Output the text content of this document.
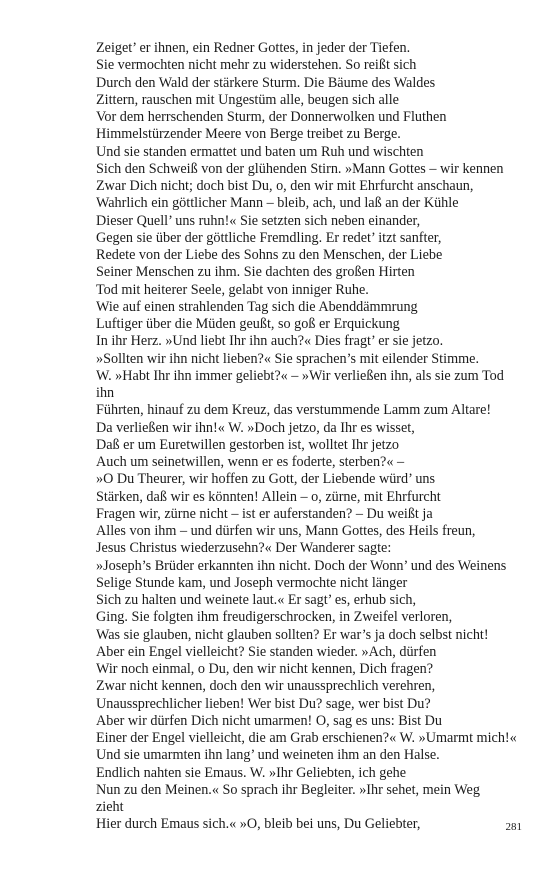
Zeiget’ er ihnen, ein Redner Gottes, in jeder der Tiefen.
Sie vermochten nicht mehr zu widerstehen. So reißt sich
Durch den Wald der stärkere Sturm. Die Bäume des Waldes
Zittern, rauschen mit Ungestüm alle, beugen sich alle
Vor dem herrschenden Sturm, der Donnerwolken und Fluthen
Himmelstürzender Meere von Berge treibet zu Berge.
Und sie standen ermattet und baten um Ruh und wischten
Sich den Schweiß von der glühenden Stirn. »Mann Gottes – wir kennen
Zwar Dich nicht; doch bist Du, o, den wir mit Ehrfurcht anschaun,
Wahrlich ein göttlicher Mann – bleib, ach, und laß an der Kühle
Dieser Quell’ uns ruhn!« Sie setzten sich neben einander,
Gegen sie über der göttliche Fremdling. Er redet’ itzt sanfter,
Redete von der Liebe des Sohns zu den Menschen, der Liebe
Seiner Menschen zu ihm. Sie dachten des großen Hirten
Tod mit heiterer Seele, gelabt von inniger Ruhe.
Wie auf einen strahlenden Tag sich die Abenddämmrung
Luftiger über die Müden geußt, so goß er Erquickung
In ihr Herz. »Und liebt Ihr ihn auch?« Dies fragt’ er sie jetzo.
»Sollten wir ihn nicht lieben?« Sie sprachen’s mit eilender Stimme.
W. »Habt Ihr ihn immer geliebt?« – »Wir verließen ihn, als sie zum Tod
ihn
Führten, hinauf zu dem Kreuz, das verstummende Lamm zum Altare!
Da verließen wir ihn!« W. »Doch jetzo, da Ihr es wisset,
Daß er um Euretwillen gestorben ist, wolltet Ihr jetzo
Auch um seinetwillen, wenn er es foderte, sterben?« –
»O Du Theurer, wir hoffen zu Gott, der Liebende würd’ uns
Stärken, daß wir es könnten! Allein – o, zürne, mit Ehrfurcht
Fragen wir, zürne nicht – ist er auferstanden? – Du weißt ja
Alles von ihm – und dürfen wir uns, Mann Gottes, des Heils freun,
Jesus Christus wiederzusehn?« Der Wanderer sagte:
»Joseph’s Brüder erkannten ihn nicht. Doch der Wonn’ und des Weinens
Selige Stunde kam, und Joseph vermochte nicht länger
Sich zu halten und weinete laut.« Er sagt’ es, erhub sich,
Ging. Sie folgten ihm freudigerschrocken, in Zweifel verloren,
Was sie glauben, nicht glauben sollten? Er war’s ja doch selbst nicht!
Aber ein Engel vielleicht? Sie standen wieder. »Ach, dürfen
Wir noch einmal, o Du, den wir nicht kennen, Dich fragen?
Zwar nicht kennen, doch den wir unaussprechlich verehren,
Unaussprechlicher lieben! Wer bist Du? sage, wer bist Du?
Aber wir dürfen Dich nicht umarmen! O, sag es uns: Bist Du
Einer der Engel vielleicht, die am Grab erschienen?« W. »Umarmt mich!«
Und sie umarmten ihn lang’ und weineten ihm an den Halse.
Endlich nahten sie Emaus. W. »Ihr Geliebten, ich gehe
Nun zu den Meinen.« So sprach ihr Begleiter. »Ihr sehet, mein Weg
zieht
Hier durch Emaus sich.« »O, bleib bei uns, Du Geliebter,	281
